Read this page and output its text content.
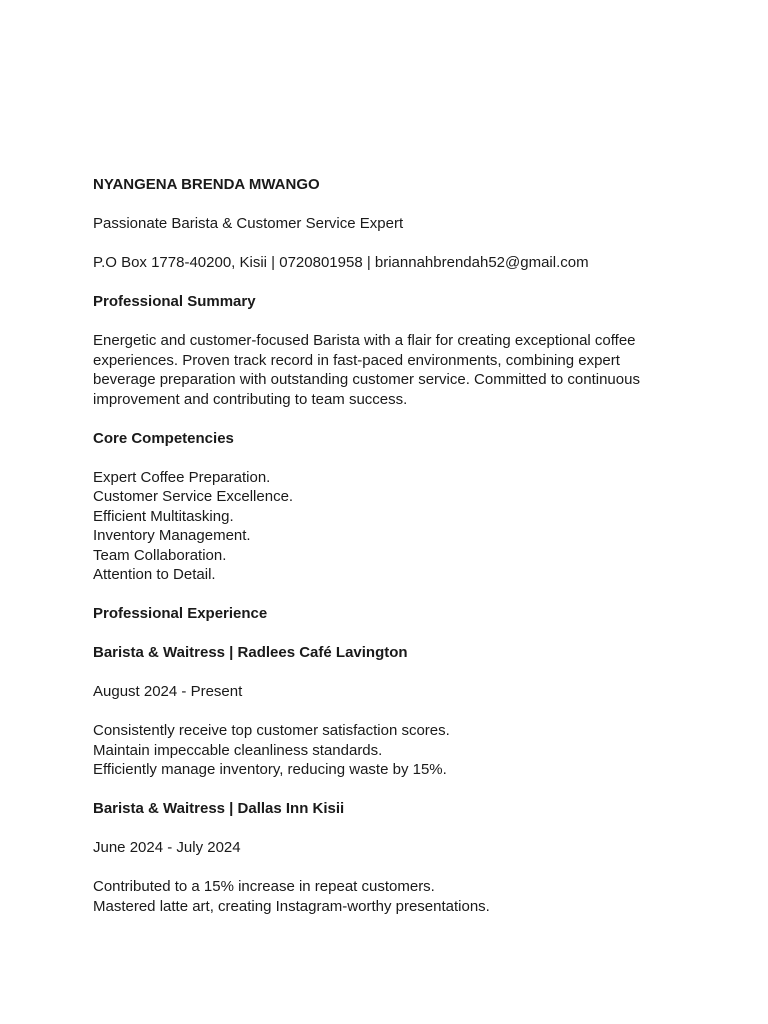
NYANGENA BRENDA MWANGO

Passionate Barista & Customer Service Expert

P.O Box 1778-40200, Kisii | 0720801958 | briannahbrendah52@gmail.com

Professional Summary

Energetic and customer-focused Barista with a flair for creating exceptional coffee

experiences. Proven track record in fast-paced environments, combining expert

beverage preparation with outstanding customer service. Committed to continuous

improvement and contributing to team success.

Core Competencies

Expert Coffee Preparation.
Customer Service Excellence.
Efficient Multitasking.
Inventory Management.
Team Collaboration.
Attention to Detail.

Professional Experience

Barista & Waitress | Radlees Café Lavington

August 2024 - Present

Consistently receive top customer satisfaction scores.
Maintain impeccable cleanliness standards.
Efficiently manage inventory, reducing waste by 15%.

Barista & Waitress | Dallas Inn Kisii

June 2024 - July 2024

Contributed to a 15% increase in repeat customers.
Mastered latte art, creating Instagram-worthy presentations.
